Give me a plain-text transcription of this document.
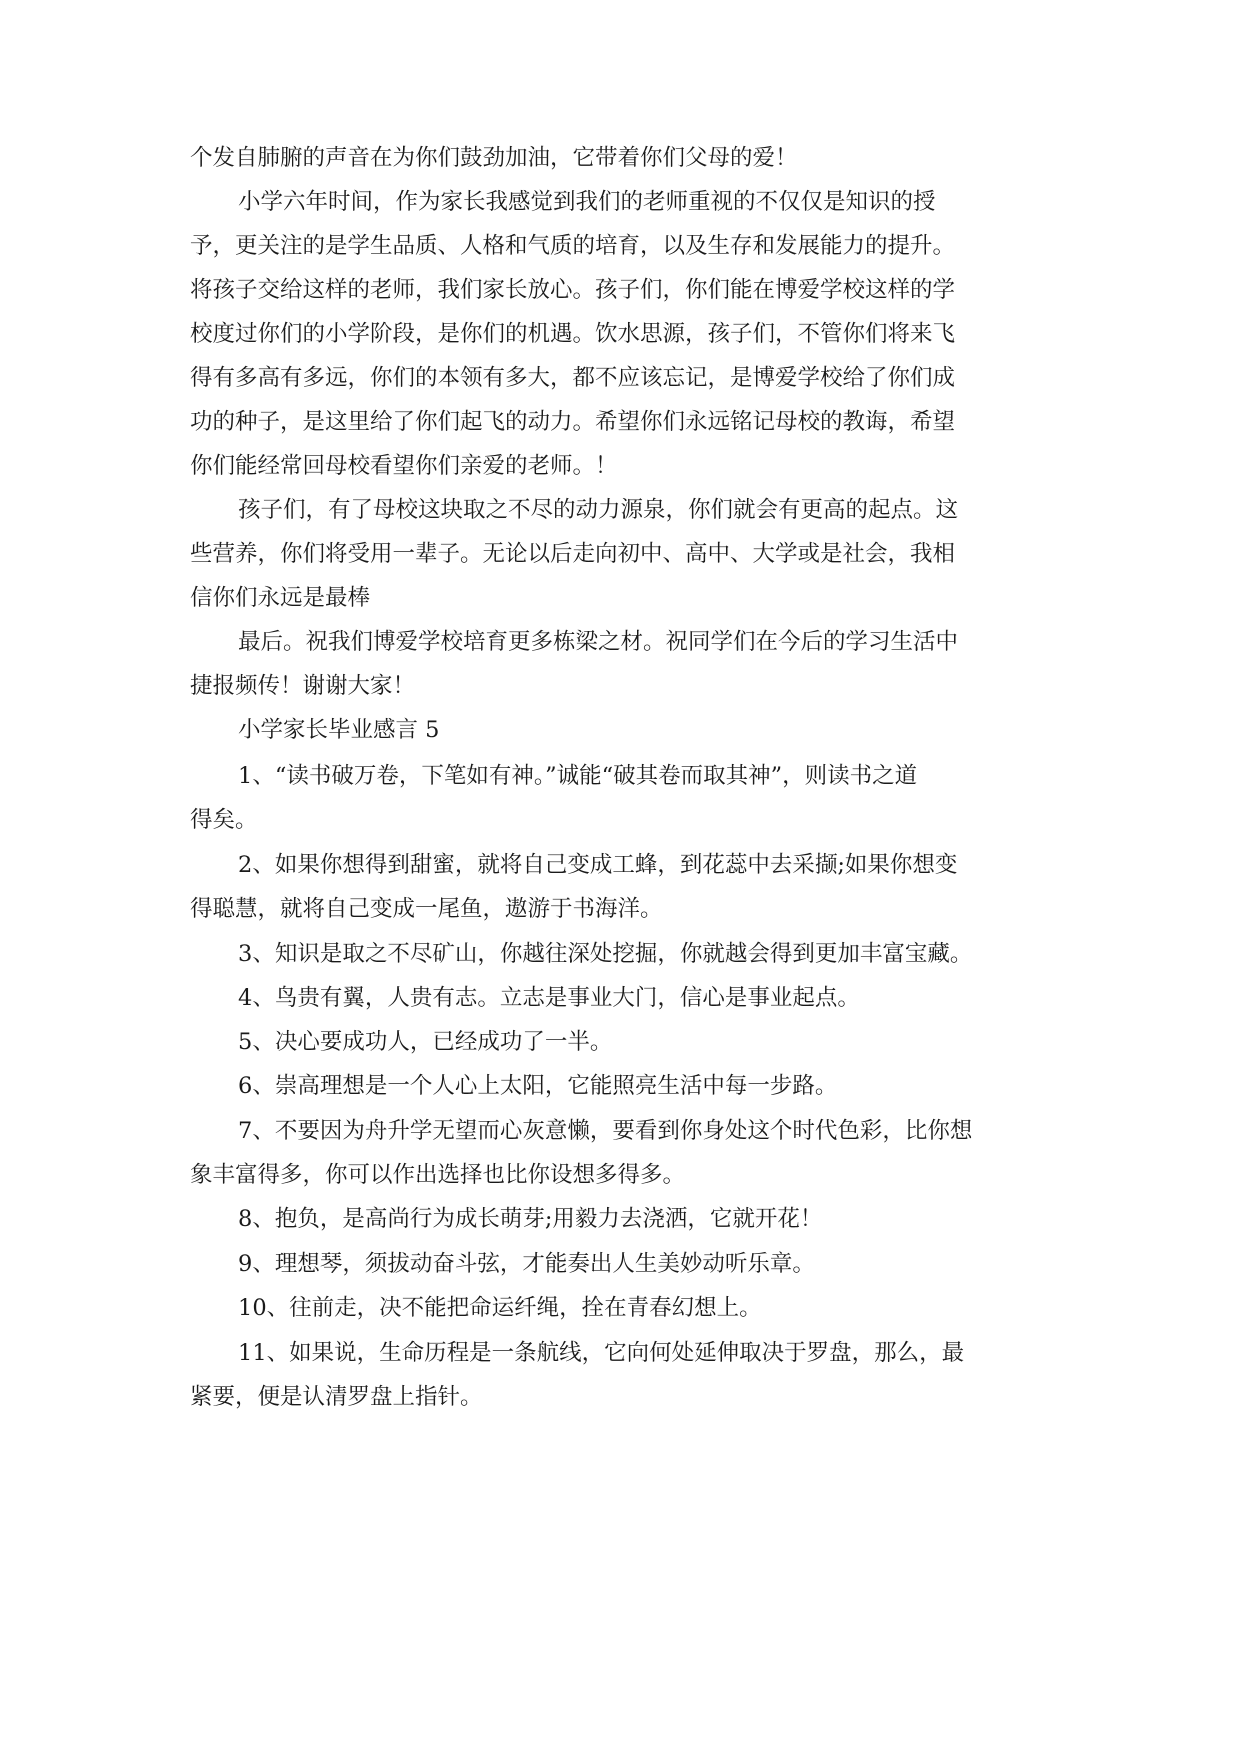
个发自肺腑的声音在为你们鼓劲加油，它带着你们父母的爱！
小学六年时间，作为家长我感觉到我们的老师重视的不仅仅是知识的授
予，更关注的是学生品质、人格和气质的培育，以及生存和发展能力的提升。
将孩子交给这样的老师，我们家长放心。孩子们，你们能在博爱学校这样的学
校度过你们的小学阶段，是你们的机遇。饮水思源，孩子们，不管你们将来飞
得有多高有多远，你们的本领有多大，都不应该忘记，是博爱学校给了你们成
功的种子，是这里给了你们起飞的动力。希望你们永远铭记母校的教诲，希望
你们能经常回母校看望你们亲爱的老师。！
孩子们，有了母校这块取之不尽的动力源泉，你们就会有更高的起点。这
些营养，你们将受用一辈子。无论以后走向初中、高中、大学或是社会，我相
信你们永远是最棒
最后。祝我们博爱学校培育更多栋梁之材。祝同学们在今后的学习生活中
捷报频传！谢谢大家！
小学家长毕业感言 5
1、“读书破万卷，下笔如有神。”诚能“破其卷而取其神”，则读书之道
得矣。
2、如果你想得到甜蜜，就将自己变成工蜂，到花蕊中去采撷;如果你想变
得聪慧，就将自己变成一尾鱼，遨游于书海洋。
3、知识是取之不尽矿山，你越往深处挖掘，你就越会得到更加丰富宝藏。
4、鸟贵有翼，人贵有志。立志是事业大门，信心是事业起点。
5、决心要成功人，已经成功了一半。
6、崇高理想是一个人心上太阳，它能照亮生活中每一步路。
7、不要因为舟升学无望而心灰意懒，要看到你身处这个时代色彩，比你想
象丰富得多，你可以作出选择也比你设想多得多。
8、抱负，是高尚行为成长萌芽;用毅力去浇洒，它就开花！
9、理想琴，须拔动奋斗弦，才能奏出人生美妙动听乐章。
10、往前走，决不能把命运纤绳，拴在青春幻想上。
11、如果说，生命历程是一条航线，它向何处延伸取决于罗盘，那么，最
紧要，便是认清罗盘上指针。
